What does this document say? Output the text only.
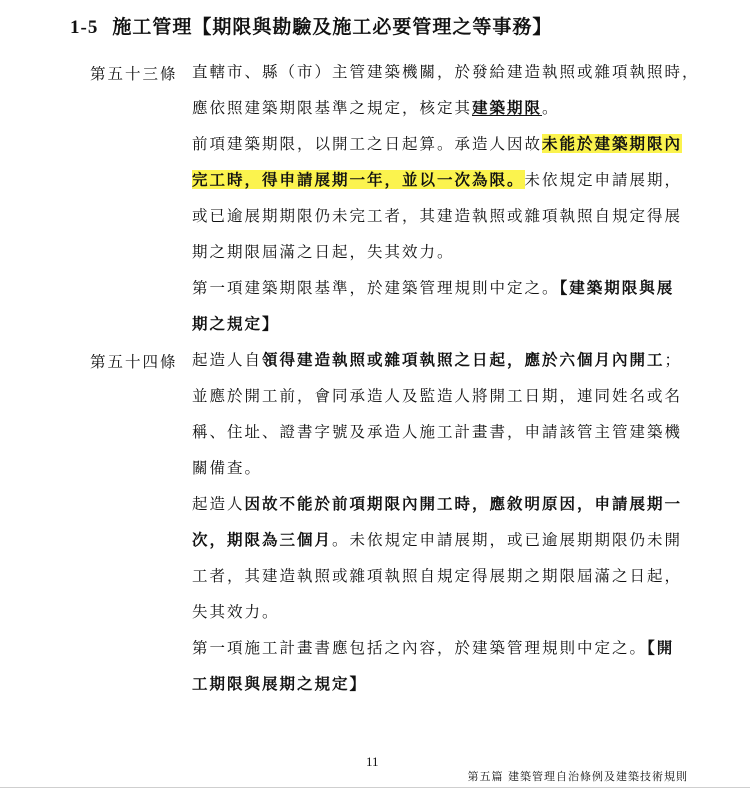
1-5 施工管理【期限與勘驗及施工必要管理之等事務】
第五十三條 直轄市、縣（市）主管建築機關，於發給建造執照或雜項執照時，
應依照建築期限基準之規定，核定其建築期限。
前項建築期限，以開工之日起算。承造人因故未能於建築期限內
完工時，得申請展期一年，並以一次為限。未依規定申請展期，
或已逾展期期限仍未完工者，其建造執照或雜項執照自規定得展
期之期限屆滿之日起，失其效力。
第一項建築期限基準，於建築管理規則中定之。【建築期限與展
期之規定】
第五十四條 起造人自領得建造執照或雜項執照之日起，應於六個月內開工；
並應於開工前，會同承造人及監造人將開工日期，連同姓名或名
稱、住址、證書字號及承造人施工計畫書，申請該管主管建築機
關備查。
起造人因故不能於前項期限內開工時，應敘明原因，申請展期一
次，期限為三個月。未依規定申請展期，或已逾展期期限仍未開
工者，其建造執照或雜項執照自規定得展期之期限屆滿之日起，
失其效力。
第一項施工計畫書應包括之內容，於建築管理規則中定之。【開
工期限與展期之規定】
11
第五篇 建築管理自治條例及建築技術規則
